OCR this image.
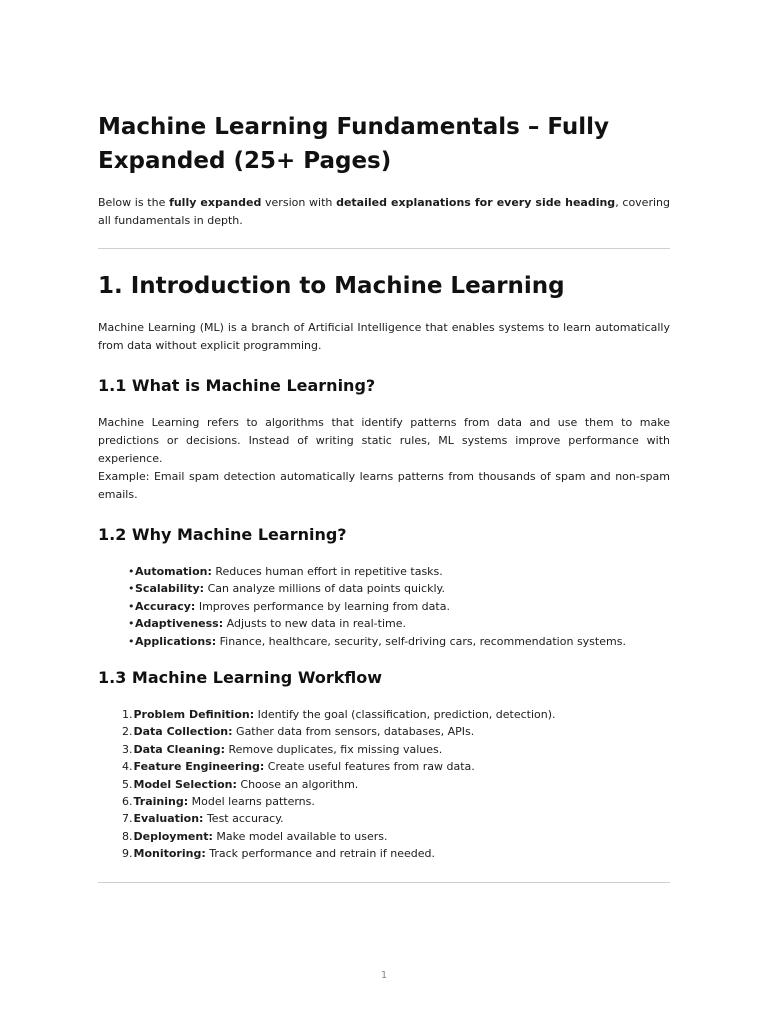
Machine Learning Fundamentals – Fully Expanded (25+ Pages)

Below is the fully expanded version with detailed explanations for every side heading, covering all fundamentals in depth.

1. Introduction to Machine Learning

Machine Learning (ML) is a branch of Artificial Intelligence that enables systems to learn automatically from data without explicit programming.

1.1 What is Machine Learning?

Machine Learning refers to algorithms that identify patterns from data and use them to make predictions or decisions. Instead of writing static rules, ML systems improve performance with experience.

Example: Email spam detection automatically learns patterns from thousands of spam and non-spam emails.

1.2 Why Machine Learning?
•Automation: Reduces human effort in repetitive tasks.
•Scalability: Can analyze millions of data points quickly.
•Accuracy: Improves performance by learning from data.
•Adaptiveness: Adjusts to new data in real-time.
•Applications: Finance, healthcare, security, self-driving cars, recommendation systems.
1.3 Machine Learning Workflow
1. Problem Definition: Identify the goal (classification, prediction, detection).
2. Data Collection: Gather data from sensors, databases, APIs.
3. Data Cleaning: Remove duplicates, fix missing values.
4. Feature Engineering: Create useful features from raw data.
5. Model Selection: Choose an algorithm.
6. Training: Model learns patterns.
7. Evaluation: Test accuracy.
8. Deployment: Make model available to users.
9. Monitoring: Track performance and retrain if needed.
1
